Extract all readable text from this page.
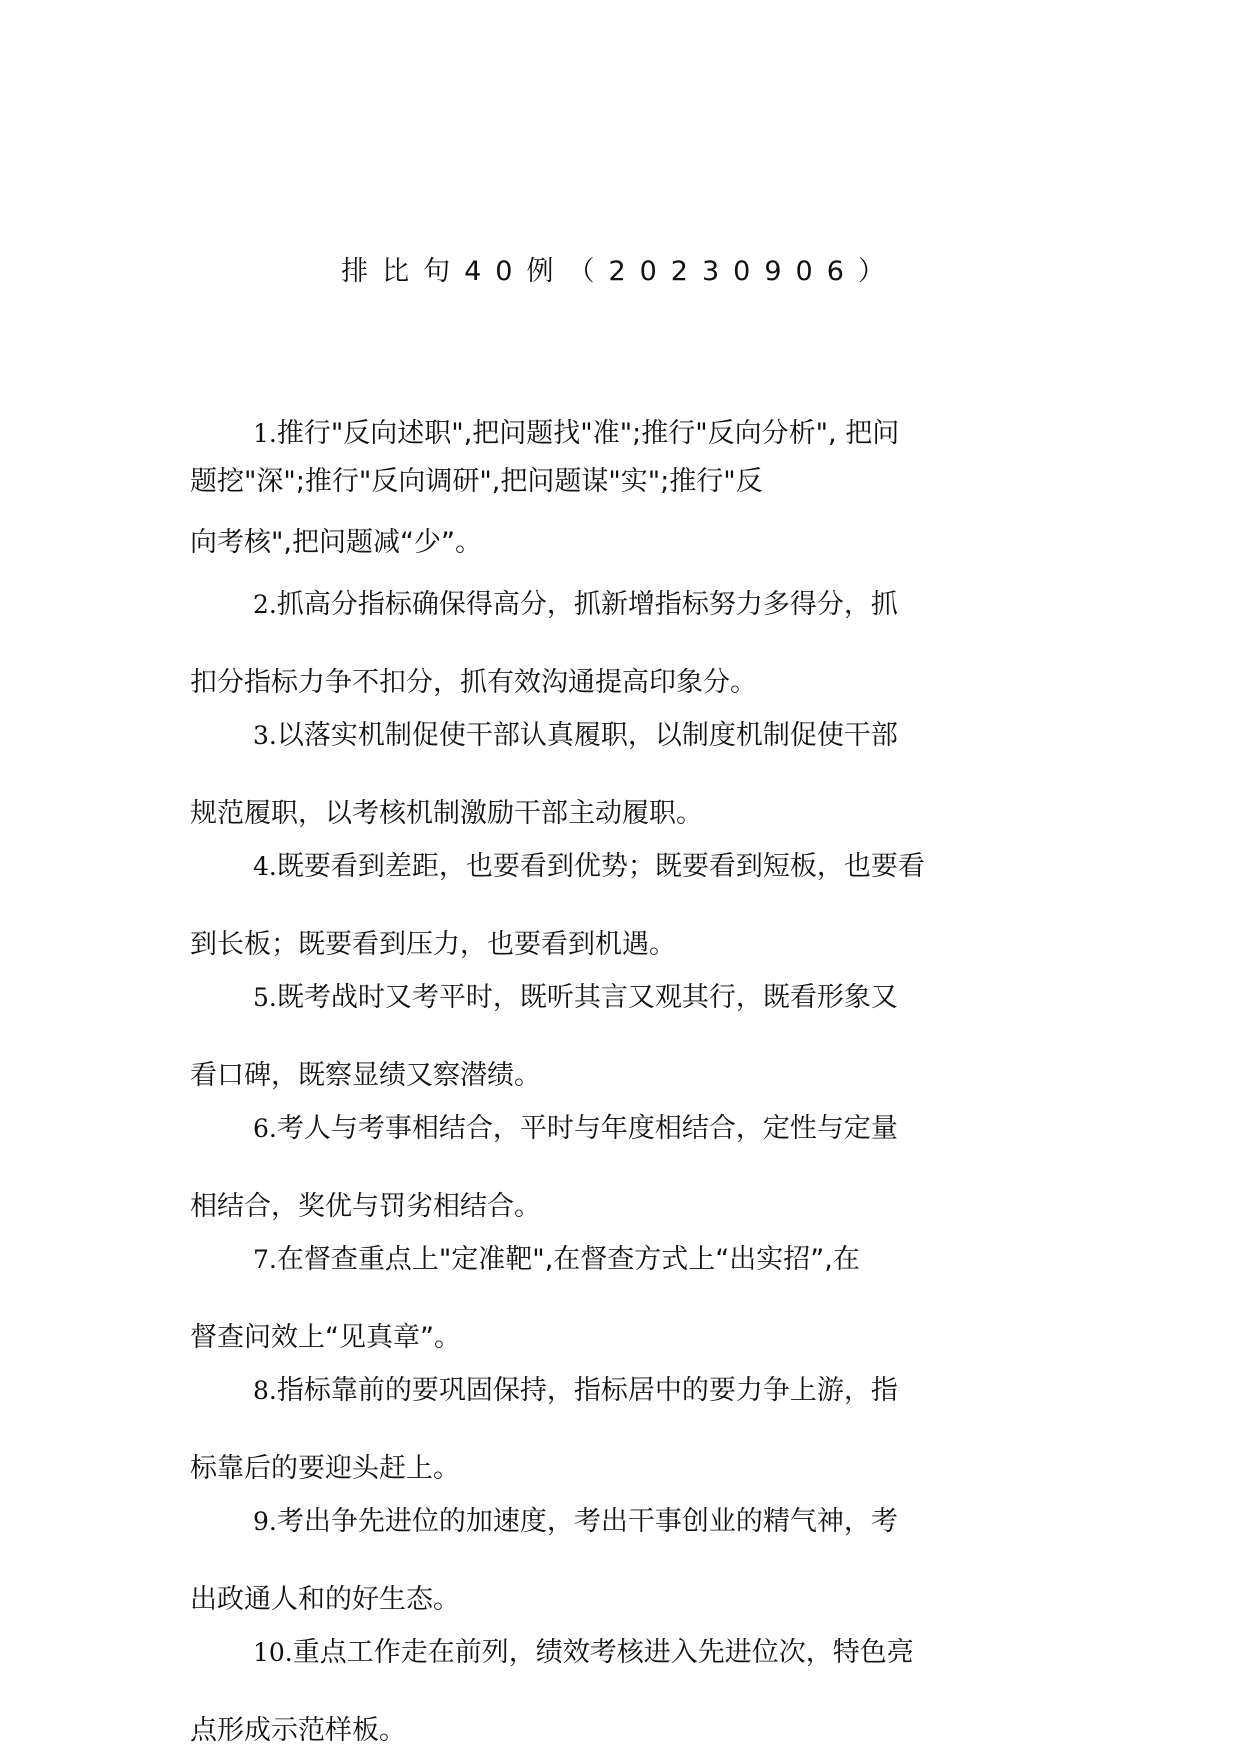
排比句40例（20230906）
1.推行"反向述职",把问题找"准";推行"反向分析", 把问
题挖"深";推行"反向调研",把问题谋"实";推行"反
向考核",把问题减“少”。
2.抓高分指标确保得高分，抓新增指标努力多得分，抓
扣分指标力争不扣分，抓有效沟通提高印象分。
3.以落实机制促使干部认真履职，以制度机制促使干部
规范履职，以考核机制激励干部主动履职。
4.既要看到差距，也要看到优势；既要看到短板，也要看
到长板；既要看到压力，也要看到机遇。
5.既考战时又考平时，既听其言又观其行，既看形象又
看口碑，既察显绩又察潜绩。
6.考人与考事相结合，平时与年度相结合，定性与定量
相结合，奖优与罚劣相结合。
7.在督查重点上"定准靶",在督查方式上“出实招”,在
督查问效上“见真章”。
8.指标靠前的要巩固保持，指标居中的要力争上游，指
标靠后的要迎头赶上。
9.考出争先进位的加速度，考出干事创业的精气神，考
出政通人和的好生态。
10.重点工作走在前列，绩效考核进入先进位次，特色亮
点形成示范样板。
